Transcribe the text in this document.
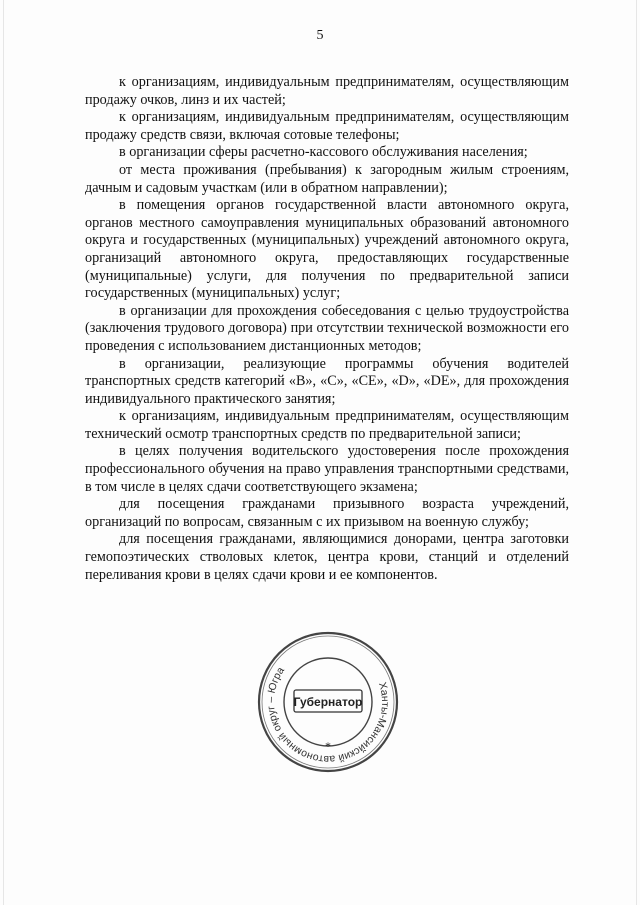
5

к организациям, индивидуальным предпринимателям, осуществляющим продажу очков, линз и их частей;

к организациям, индивидуальным предпринимателям, осуществляющим продажу средств связи, включая сотовые телефоны;

в организации сферы расчетно-кассового обслуживания населения;

от места проживания (пребывания) к загородным жилым строениям, дачным и садовым участкам (или в обратном направлении);

в помещения органов государственной власти автономного округа, органов местного самоуправления муниципальных образований автономного округа и государственных (муниципальных) учреждений автономного округа, организаций автономного округа, предоставляющих государственные (муниципальные) услуги, для получения по предварительной записи государственных (муниципальных) услуг;

в организации для прохождения собеседования с целью трудоустройства (заключения трудового договора) при отсутствии технической возможности его проведения с использованием дистанционных методов;

в организации, реализующие программы обучения водителей транспортных средств категорий «B», «C», «CE», «D», «DE», для прохождения индивидуального практического занятия;

к организациям, индивидуальным предпринимателям, осуществляющим технический осмотр транспортных средств по предварительной записи;

в целях получения водительского удостоверения после прохождения профессионального обучения на право управления транспортными средствами, в том числе в целях сдачи соответствующего экзамена;

для посещения гражданами призывного возраста учреждений, организаций по вопросам, связанным с их призывом на военную службу;

для посещения гражданами, являющимися донорами, центра заготовки гемопоэтических стволовых клеток, центра крови, станций и отделений переливания крови в целях сдачи крови и ее компонентов.

Ханты-Мансийский автономный округ – Югра
Губернатор
*
